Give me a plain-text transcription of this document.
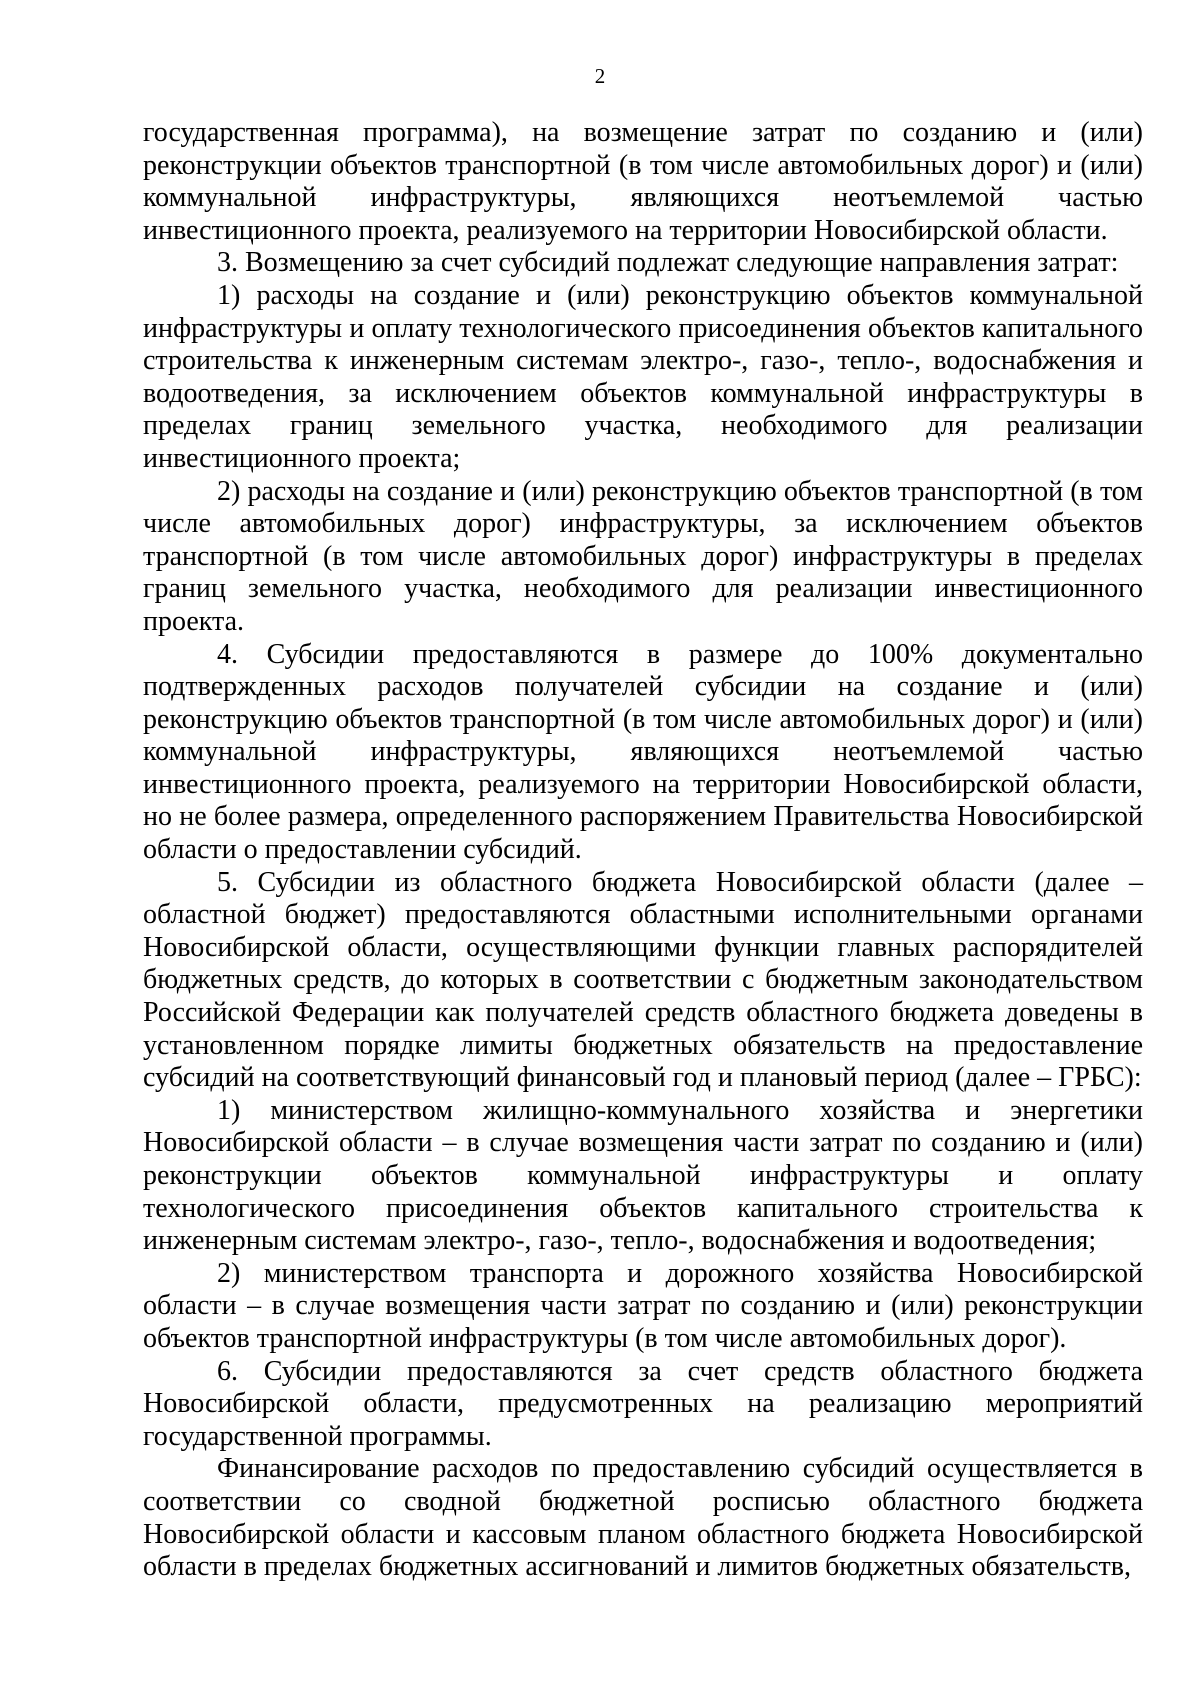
2

государственная программа), на возмещение затрат по созданию и (или) реконструкции объектов транспортной (в том числе автомобильных дорог) и (или) коммунальной инфраструктуры, являющихся неотъемлемой частью инвестиционного проекта, реализуемого на территории Новосибирской области.

3. Возмещению за счет субсидий подлежат следующие направления затрат:

1) расходы на создание и (или) реконструкцию объектов коммунальной инфраструктуры и оплату технологического присоединения объектов капитального строительства к инженерным системам электро-, газо-, тепло-, водоснабжения и водоотведения, за исключением объектов коммунальной инфраструктуры в пределах границ земельного участка, необходимого для реализации инвестиционного проекта;

2) расходы на создание и (или) реконструкцию объектов транспортной (в том числе автомобильных дорог) инфраструктуры, за исключением объектов транспортной (в том числе автомобильных дорог) инфраструктуры в пределах границ земельного участка, необходимого для реализации инвестиционного проекта.

4. Субсидии предоставляются в размере до 100% документально подтвержденных расходов получателей субсидии на создание и (или) реконструкцию объектов транспортной (в том числе автомобильных дорог) и (или) коммунальной инфраструктуры, являющихся неотъемлемой частью инвестиционного проекта, реализуемого на территории Новосибирской области, но не более размера, определенного распоряжением Правительства Новосибирской области о предоставлении субсидий.

5. Субсидии из областного бюджета Новосибирской области (далее – областной бюджет) предоставляются областными исполнительными органами Новосибирской области, осуществляющими функции главных распорядителей бюджетных средств, до которых в соответствии с бюджетным законодательством Российской Федерации как получателей средств областного бюджета доведены в установленном порядке лимиты бюджетных обязательств на предоставление субсидий на соответствующий финансовый год и плановый период (далее – ГРБС):

1) министерством жилищно-коммунального хозяйства и энергетики Новосибирской области – в случае возмещения части затрат по созданию и (или) реконструкции объектов коммунальной инфраструктуры и оплату технологического присоединения объектов капитального строительства к инженерным системам электро-, газо-, тепло-, водоснабжения и водоотведения;

2) министерством транспорта и дорожного хозяйства Новосибирской области – в случае возмещения части затрат по созданию и (или) реконструкции объектов транспортной инфраструктуры (в том числе автомобильных дорог).

6. Субсидии предоставляются за счет средств областного бюджета Новосибирской области, предусмотренных на реализацию мероприятий государственной программы.

Финансирование расходов по предоставлению субсидий осуществляется в соответствии со сводной бюджетной росписью областного бюджета Новосибирской области и кассовым планом областного бюджета Новосибирской области в пределах бюджетных ассигнований и лимитов бюджетных обязательств,
